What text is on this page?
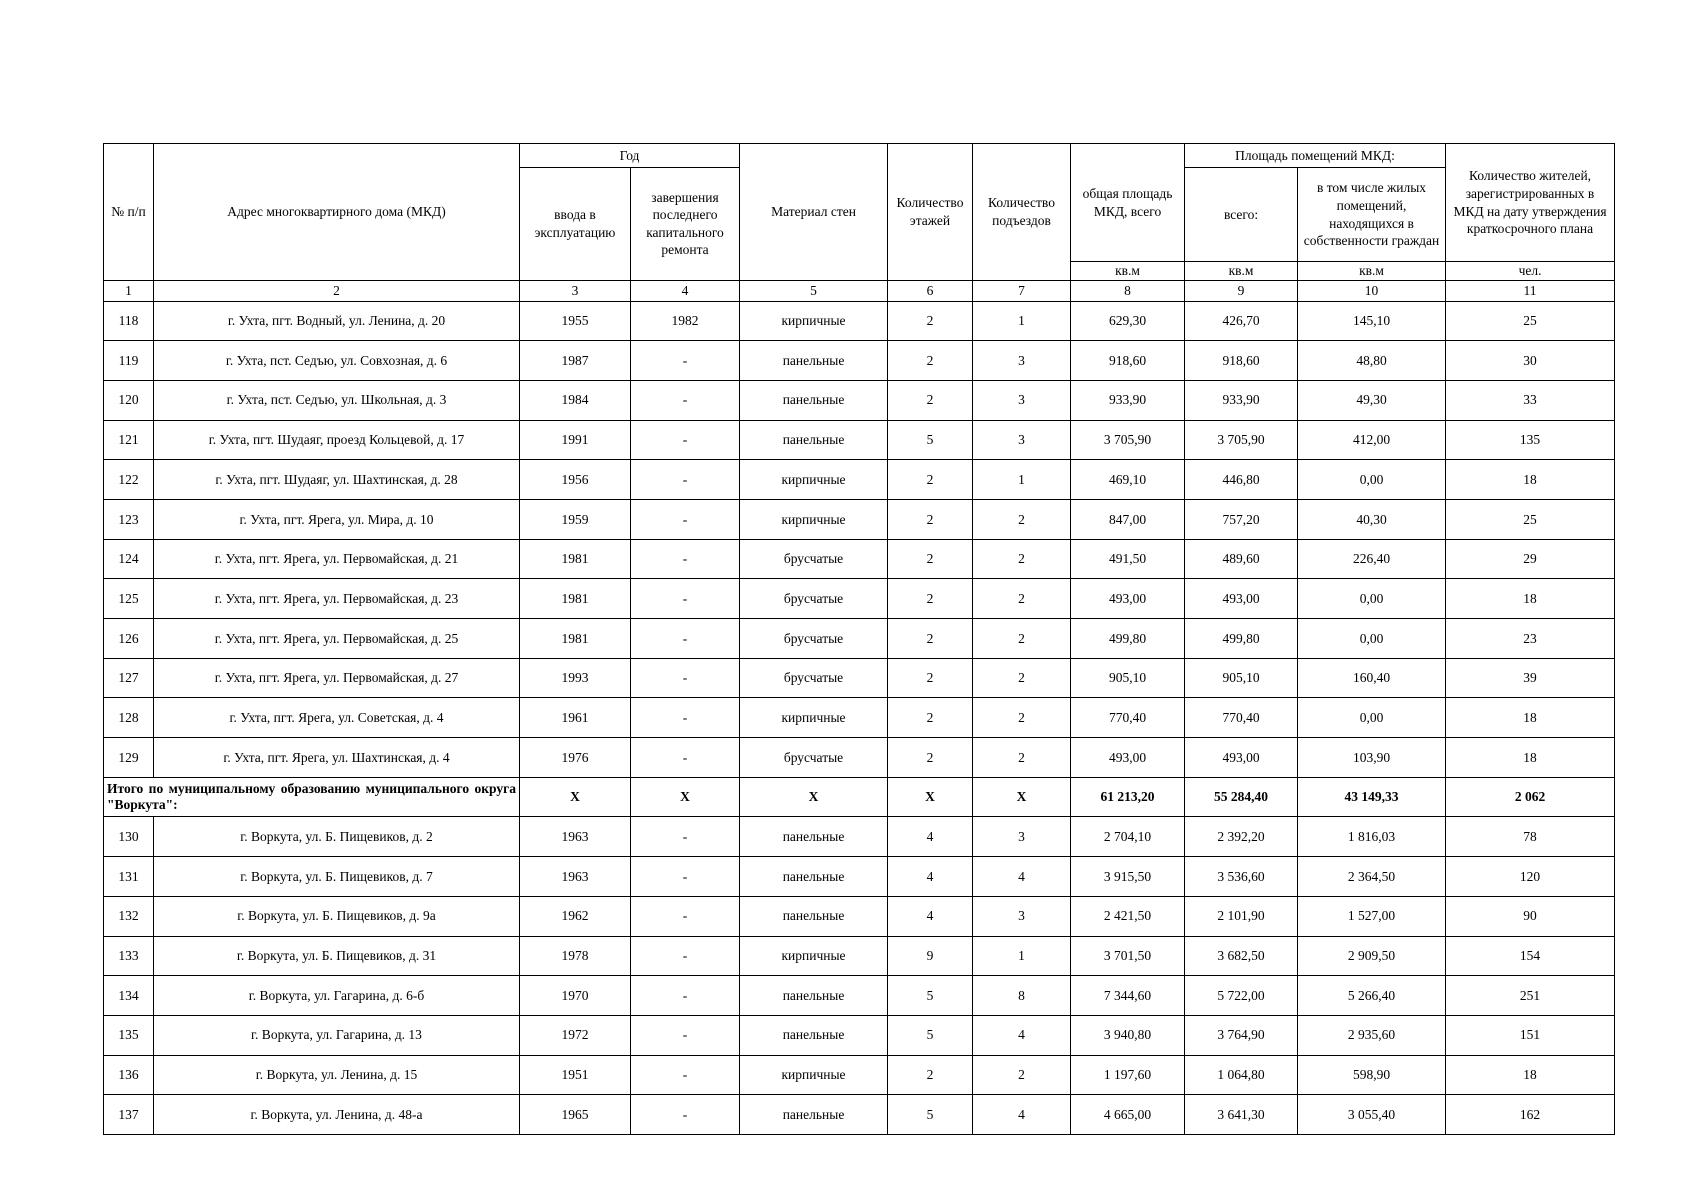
№ п/п	Адрес многоквартирного дома (МКД)	Год		Материал стен	Количество этажей	Количество подъездов	общая площадь МКД, всего	Площадь помещений МКД:		Количество жителей, зарегистрированных в МКД на дату утверждения краткосрочного плана
		ввода в эксплуатацию	завершения последнего капитального ремонта					всего:	в том числе жилых помещений, находящихся в собственности граждан	
							кв.м	кв.м	кв.м	чел.
1	2	3	4	5	6	7	8	9	10	11
118	г. Ухта, пгт. Водный, ул. Ленина, д. 20	1955	1982	кирпичные	2	1	629,30	426,70	145,10	25
119	г. Ухта, пст. Седъю, ул. Совхозная, д. 6	1987	-	панельные	2	3	918,60	918,60	48,80	30
120	г. Ухта, пст. Седъю, ул. Школьная, д. 3	1984	-	панельные	2	3	933,90	933,90	49,30	33
121	г. Ухта, пгт. Шудаяг, проезд Кольцевой, д. 17	1991	-	панельные	5	3	3 705,90	3 705,90	412,00	135
122	г. Ухта, пгт. Шудаяг, ул. Шахтинская, д. 28	1956	-	кирпичные	2	1	469,10	446,80	0,00	18
123	г. Ухта, пгт. Ярега, ул. Мира, д. 10	1959	-	кирпичные	2	2	847,00	757,20	40,30	25
124	г. Ухта, пгт. Ярега, ул. Первомайская, д. 21	1981	-	брусчатые	2	2	491,50	489,60	226,40	29
125	г. Ухта, пгт. Ярега, ул. Первомайская, д. 23	1981	-	брусчатые	2	2	493,00	493,00	0,00	18
126	г. Ухта, пгт. Ярега, ул. Первомайская, д. 25	1981	-	брусчатые	2	2	499,80	499,80	0,00	23
127	г. Ухта, пгт. Ярега, ул. Первомайская, д. 27	1993	-	брусчатые	2	2	905,10	905,10	160,40	39
128	г. Ухта, пгт. Ярега, ул. Советская, д. 4	1961	-	кирпичные	2	2	770,40	770,40	0,00	18
129	г. Ухта, пгт. Ярега, ул. Шахтинская, д. 4	1976	-	брусчатые	2	2	493,00	493,00	103,90	18
Итого по муниципальному образованию муниципального округа "Воркута":		X	X	X	X	X	61 213,20	55 284,40	43 149,33	2 062
130	г. Воркута, ул. Б. Пищевиков, д. 2	1963	-	панельные	4	3	2 704,10	2 392,20	1 816,03	78
131	г. Воркута, ул. Б. Пищевиков, д. 7	1963	-	панельные	4	4	3 915,50	3 536,60	2 364,50	120
132	г. Воркута, ул. Б. Пищевиков, д. 9а	1962	-	панельные	4	3	2 421,50	2 101,90	1 527,00	90
133	г. Воркута, ул. Б. Пищевиков, д. 31	1978	-	кирпичные	9	1	3 701,50	3 682,50	2 909,50	154
134	г. Воркута, ул. Гагарина, д. 6-б	1970	-	панельные	5	8	7 344,60	5 722,00	5 266,40	251
135	г. Воркута, ул. Гагарина, д. 13	1972	-	панельные	5	4	3 940,80	3 764,90	2 935,60	151
136	г. Воркута, ул. Ленина, д. 15	1951	-	кирпичные	2	2	1 197,60	1 064,80	598,90	18
137	г. Воркута, ул. Ленина, д. 48-а	1965	-	панельные	5	4	4 665,00	3 641,30	3 055,40	162
